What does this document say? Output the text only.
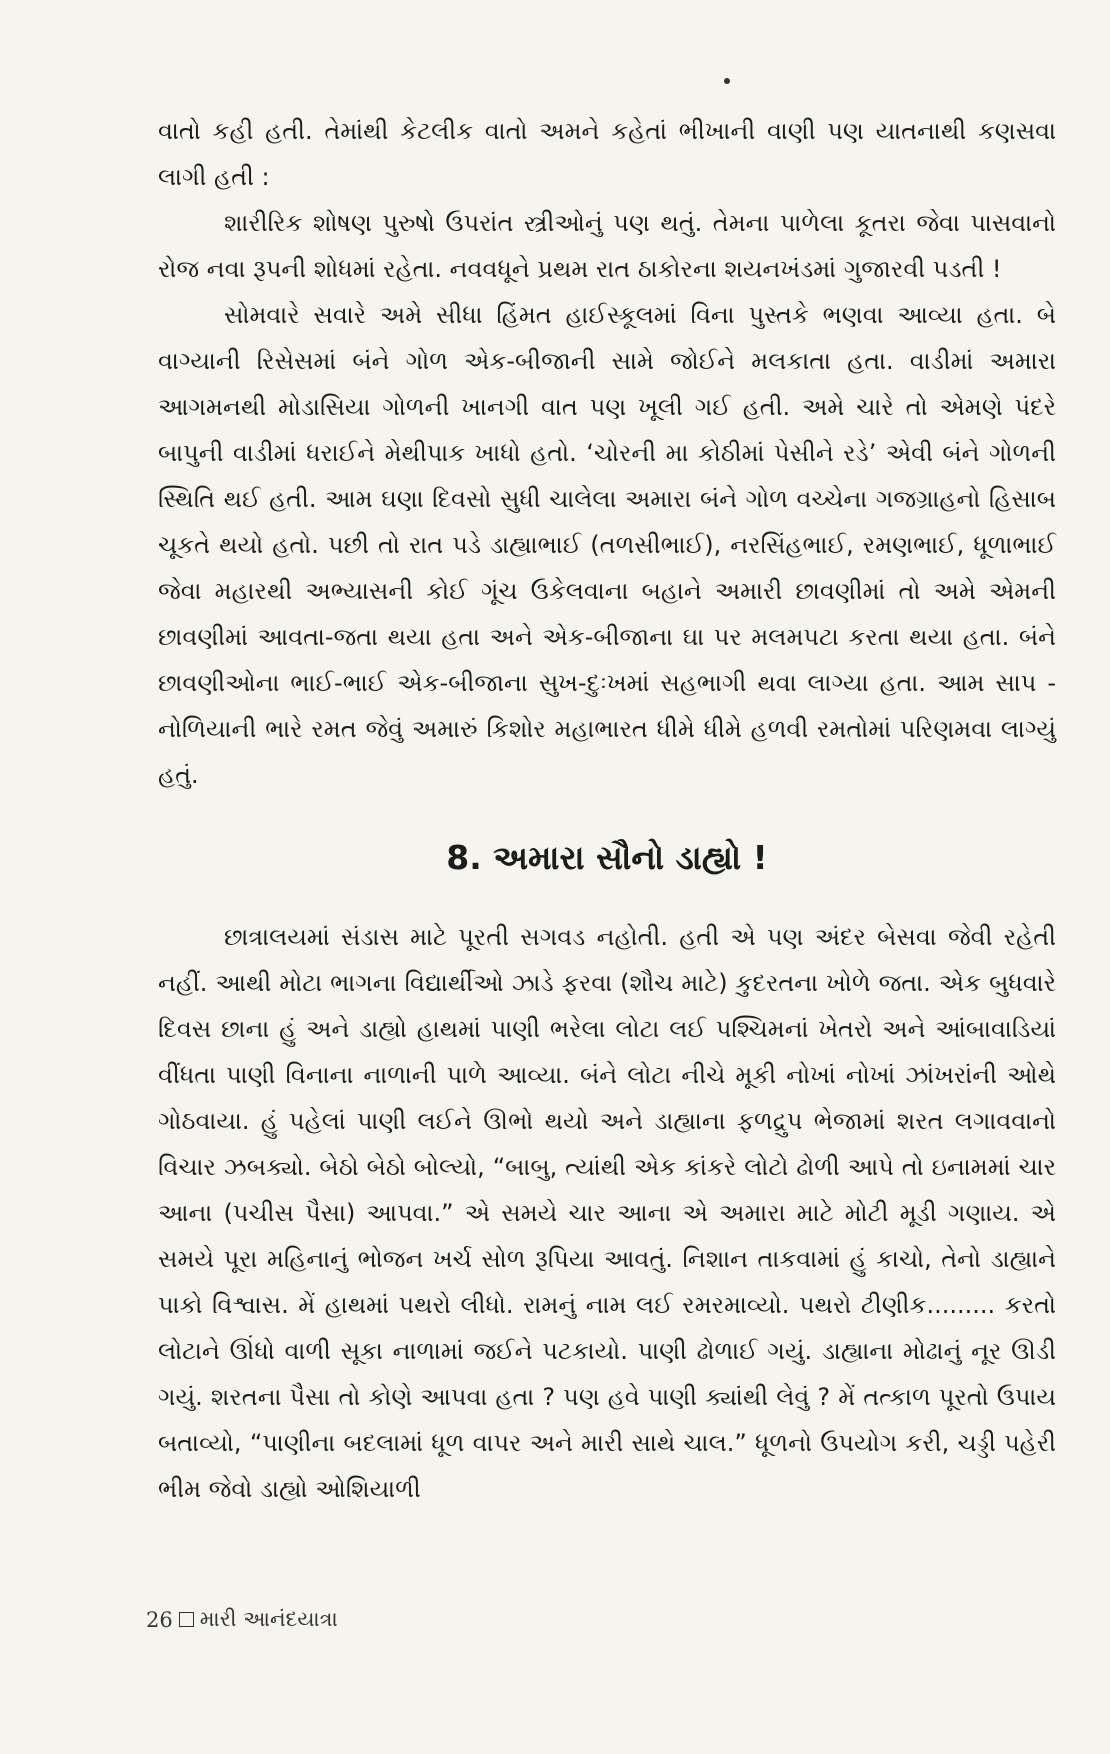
વાતો કહી હતી. તેમાંથી કેટલીક વાતો અમને કહેતાં ભીખાની વાણી પણ યાતનાથી કણસવા લાગી હતી :

શારીરિક શોષણ પુરુષો ઉપરાંત સ્ત્રીઓનું પણ થતું. તેમના પાળેલા કૂતરા જેવા પાસવાનો રોજ નવા રૂપની શોધમાં રહેતા. નવવધૂને પ્રથમ રાત ઠાકોરના શયનખંડમાં ગુજારવી પડતી !

સોમવારે સવારે અમે સીધા હિંમત હાઈસ્કૂલમાં વિના પુસ્તકે ભણવા આવ્યા હતા. બે વાગ્યાની રિસેસમાં બંને ગોળ એક-બીજાની સામે જોઈને મલકાતા હતા. વાડીમાં અમારા આગમનથી મોડાસિયા ગોળની ખાનગી વાત પણ ખૂલી ગઈ હતી. અમે ચારે તો એમણે પંદરે બાપુની વાડીમાં ધરાઈને મેથીપાક ખાધો હતો. ‘ચોરની મા કોઠીમાં પેસીને રડે’ એવી બંને ગોળની સ્થિતિ થઈ હતી. આમ ઘણા દિવસો સુધી ચાલેલા અમારા બંને ગોળ વચ્ચેના ગજગ્રાહનો હિસાબ ચૂકતે થયો હતો. પછી તો રાત પડે ડાહ્યાભાઈ (તળસીભાઈ), નરસિંહભાઈ, રમણભાઈ, ધૂળાભાઈ જેવા મહારથી અભ્યાસની કોઈ ગૂંચ ઉકેલવાના બહાને અમારી છાવણીમાં તો અમે એમની છાવણીમાં આવતા-જતા થયા હતા અને એક-બીજાના ઘા પર મલમપટા કરતા થયા હતા. બંને છાવણીઓના ભાઈ-ભાઈ એક-બીજાના સુખ-દુઃખમાં સહભાગી થવા લાગ્યા હતા. આમ સાપ - નોળિયાની ભારે રમત જેવું અમારું કિશોર મહાભારત ધીમે ધીમે હળવી રમતોમાં પરિણમવા લાગ્યું હતું.

8. અમારા સૌનો ડાહ્યો !

છાત્રાલયમાં સંડાસ માટે પૂરતી સગવડ નહોતી. હતી એ પણ અંદર બેસવા જેવી રહેતી નહીં. આથી મોટા ભાગના વિદ્યાર્થીઓ ઝાડે ફરવા (શૌચ માટે) કુદરતના ખોળે જતા. એક બુધવારે દિવસ છાના હું અને ડાહ્યો હાથમાં પાણી ભરેલા લોટા લઈ પશ્ચિમનાં ખેતરો અને આંબાવાડિયાં વીંધતા પાણી વિનાના નાળાની પાળે આવ્યા. બંને લોટા નીચે મૂકી નોખાં નોખાં ઝાંખરાંની ઓથે ગોઠવાયા. હું પહેલાં પાણી લઈને ઊભો થયો અને ડાહ્યાના ફળદ્રુપ ભેજામાં શરત લગાવવાનો વિચાર ઝબક્યો. બેઠો બેઠો બોલ્યો, “બાબુ, ત્યાંથી એક કાંકરે લોટો ઢોળી આપે તો ઇનામમાં ચાર આના (પચીસ પૈસા) આપવા.” એ સમયે ચાર આના એ અમારા માટે મોટી મૂડી ગણાય. એ સમયે પૂરા મહિનાનું ભોજન ખર્ચ સોળ રૂપિયા આવતું. નિશાન તાકવામાં હું કાચો, તેનો ડાહ્યાને પાકો વિશ્વાસ. મેં હાથમાં પથરો લીધો. રામનું નામ લઈ રમરમાવ્યો. પથરો ટીણીક......... કરતો લોટાને ઊંધો વાળી સૂકા નાળામાં જઈને પટકાયો. પાણી ઢોળાઈ ગયું. ડાહ્યાના મોઢાનું નૂર ઊડી ગયું. શરતના પૈસા તો કોણે આપવા હતા ? પણ હવે પાણી ક્યાંથી લેવું ? મેં તત્કાળ પૂરતો ઉપાય બતાવ્યો, “પાણીના બદલામાં ધૂળ વાપર અને મારી સાથે ચાલ.” ધૂળનો ઉપયોગ કરી, ચડ્ડી પહેરી ભીમ જેવો ડાહ્યો ઓશિયાળી

26 મારી આનંદયાત્રા
